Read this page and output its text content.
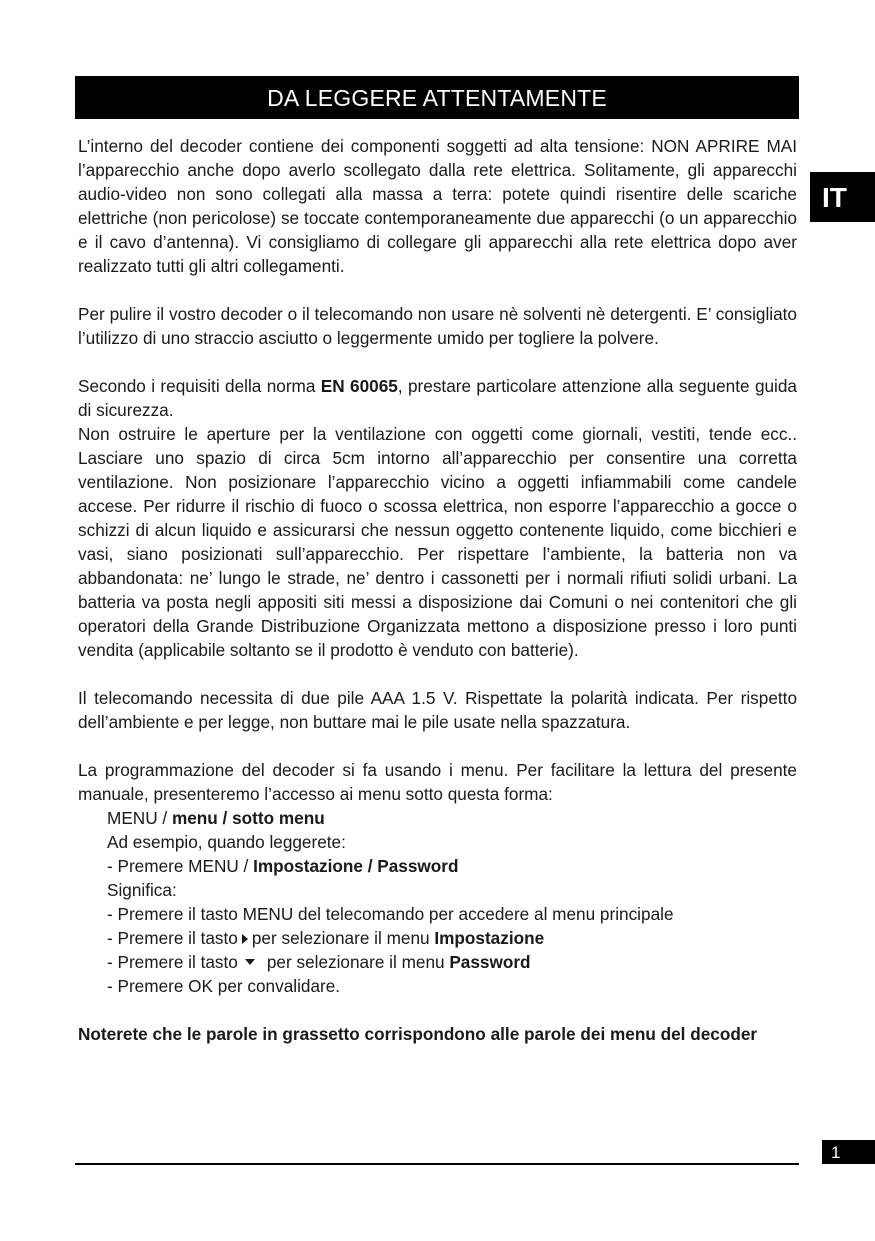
DA LEGGERE ATTENTAMENTE
IT

L’interno del decoder contiene dei componenti soggetti ad alta tensione: NON APRIRE MAI l’apparecchio anche dopo averlo scollegato dalla rete elettrica. Solitamente, gli apparecchi audio-video non sono collegati alla massa a terra: potete quindi risentire delle scariche elettriche (non pericolose) se toccate contemporaneamente due apparecchi (o un apparecchio e il cavo d’antenna). Vi consigliamo di collegare gli apparecchi alla rete elettrica dopo aver realizzato tutti gli altri collegamenti.

Per pulire il vostro decoder o il telecomando non usare nè solventi nè detergenti. E’ consigliato l’utilizzo di uno straccio asciutto o leggermente umido per togliere la polvere.

Secondo i requisiti della norma EN 60065, prestare particolare attenzione alla seguente guida di sicurezza.

Non ostruire le aperture per la ventilazione con oggetti come giornali, vestiti, tende ecc.. Lasciare uno spazio di circa 5cm intorno all’apparecchio per consentire una corretta ventilazione. Non posizionare l’apparecchio vicino a oggetti infiammabili come candele accese. Per ridurre il rischio di fuoco o scossa elettrica, non esporre l’apparecchio a gocce o schizzi di alcun liquido e assicurarsi che nessun oggetto contenente liquido, come bicchieri e vasi, siano posizionati sull’apparecchio. Per rispettare l’ambiente, la batteria non va abbandonata: ne’ lungo le strade, ne’ dentro i cassonetti per i normali rifiuti solidi urbani. La batteria va posta negli appositi siti messi a disposizione dai Comuni o nei contenitori che gli operatori della Grande Distribuzione Organizzata mettono a disposizione presso i loro punti vendita (applicabile soltanto se il prodotto è venduto con batterie).

Il telecomando necessita di due pile AAA 1.5 V. Rispettate la polarità indicata. Per rispetto dell’ambiente e per legge, non buttare mai le pile usate nella spazzatura.

La programmazione del decoder si fa usando i menu. Per facilitare la lettura del presente manuale, presenteremo l’accesso ai menu sotto questa forma:

MENU / menu / sotto menu
Ad esempio, quando leggerete:
- Premere MENU / Impostazione / Password
Significa:
- Premere il tasto MENU del telecomando per accedere al menu principale
- Premere il tasto per selezionare il menu Impostazione
- Premere il tasto per selezionare il menu Password
- Premere OK per convalidare.

Noterete che le parole in grassetto corrispondono alle parole dei menu del decoder

1
